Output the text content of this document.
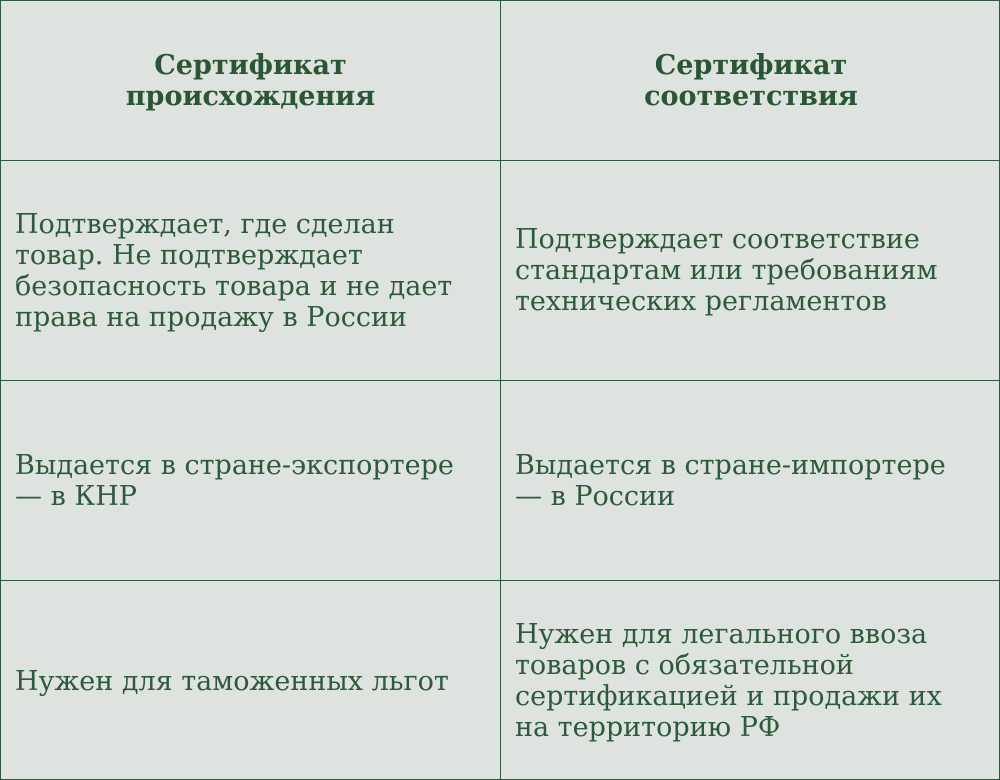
Сертификат
происхождения
Сертификат
соответствия
Подтверждает, где сделан
товар. Не подтверждает
безопасность товара и не дает
права на продажу в России
Подтверждает соответствие
стандартам или требованиям
технических регламентов
Выдается в стране-экспортере
— в КНР
Выдается в стране-импортере
— в России
Нужен для таможенных льгот
Нужен для легального ввоза
товаров с обязательной
сертификацией и продажи их
на территорию РФ
